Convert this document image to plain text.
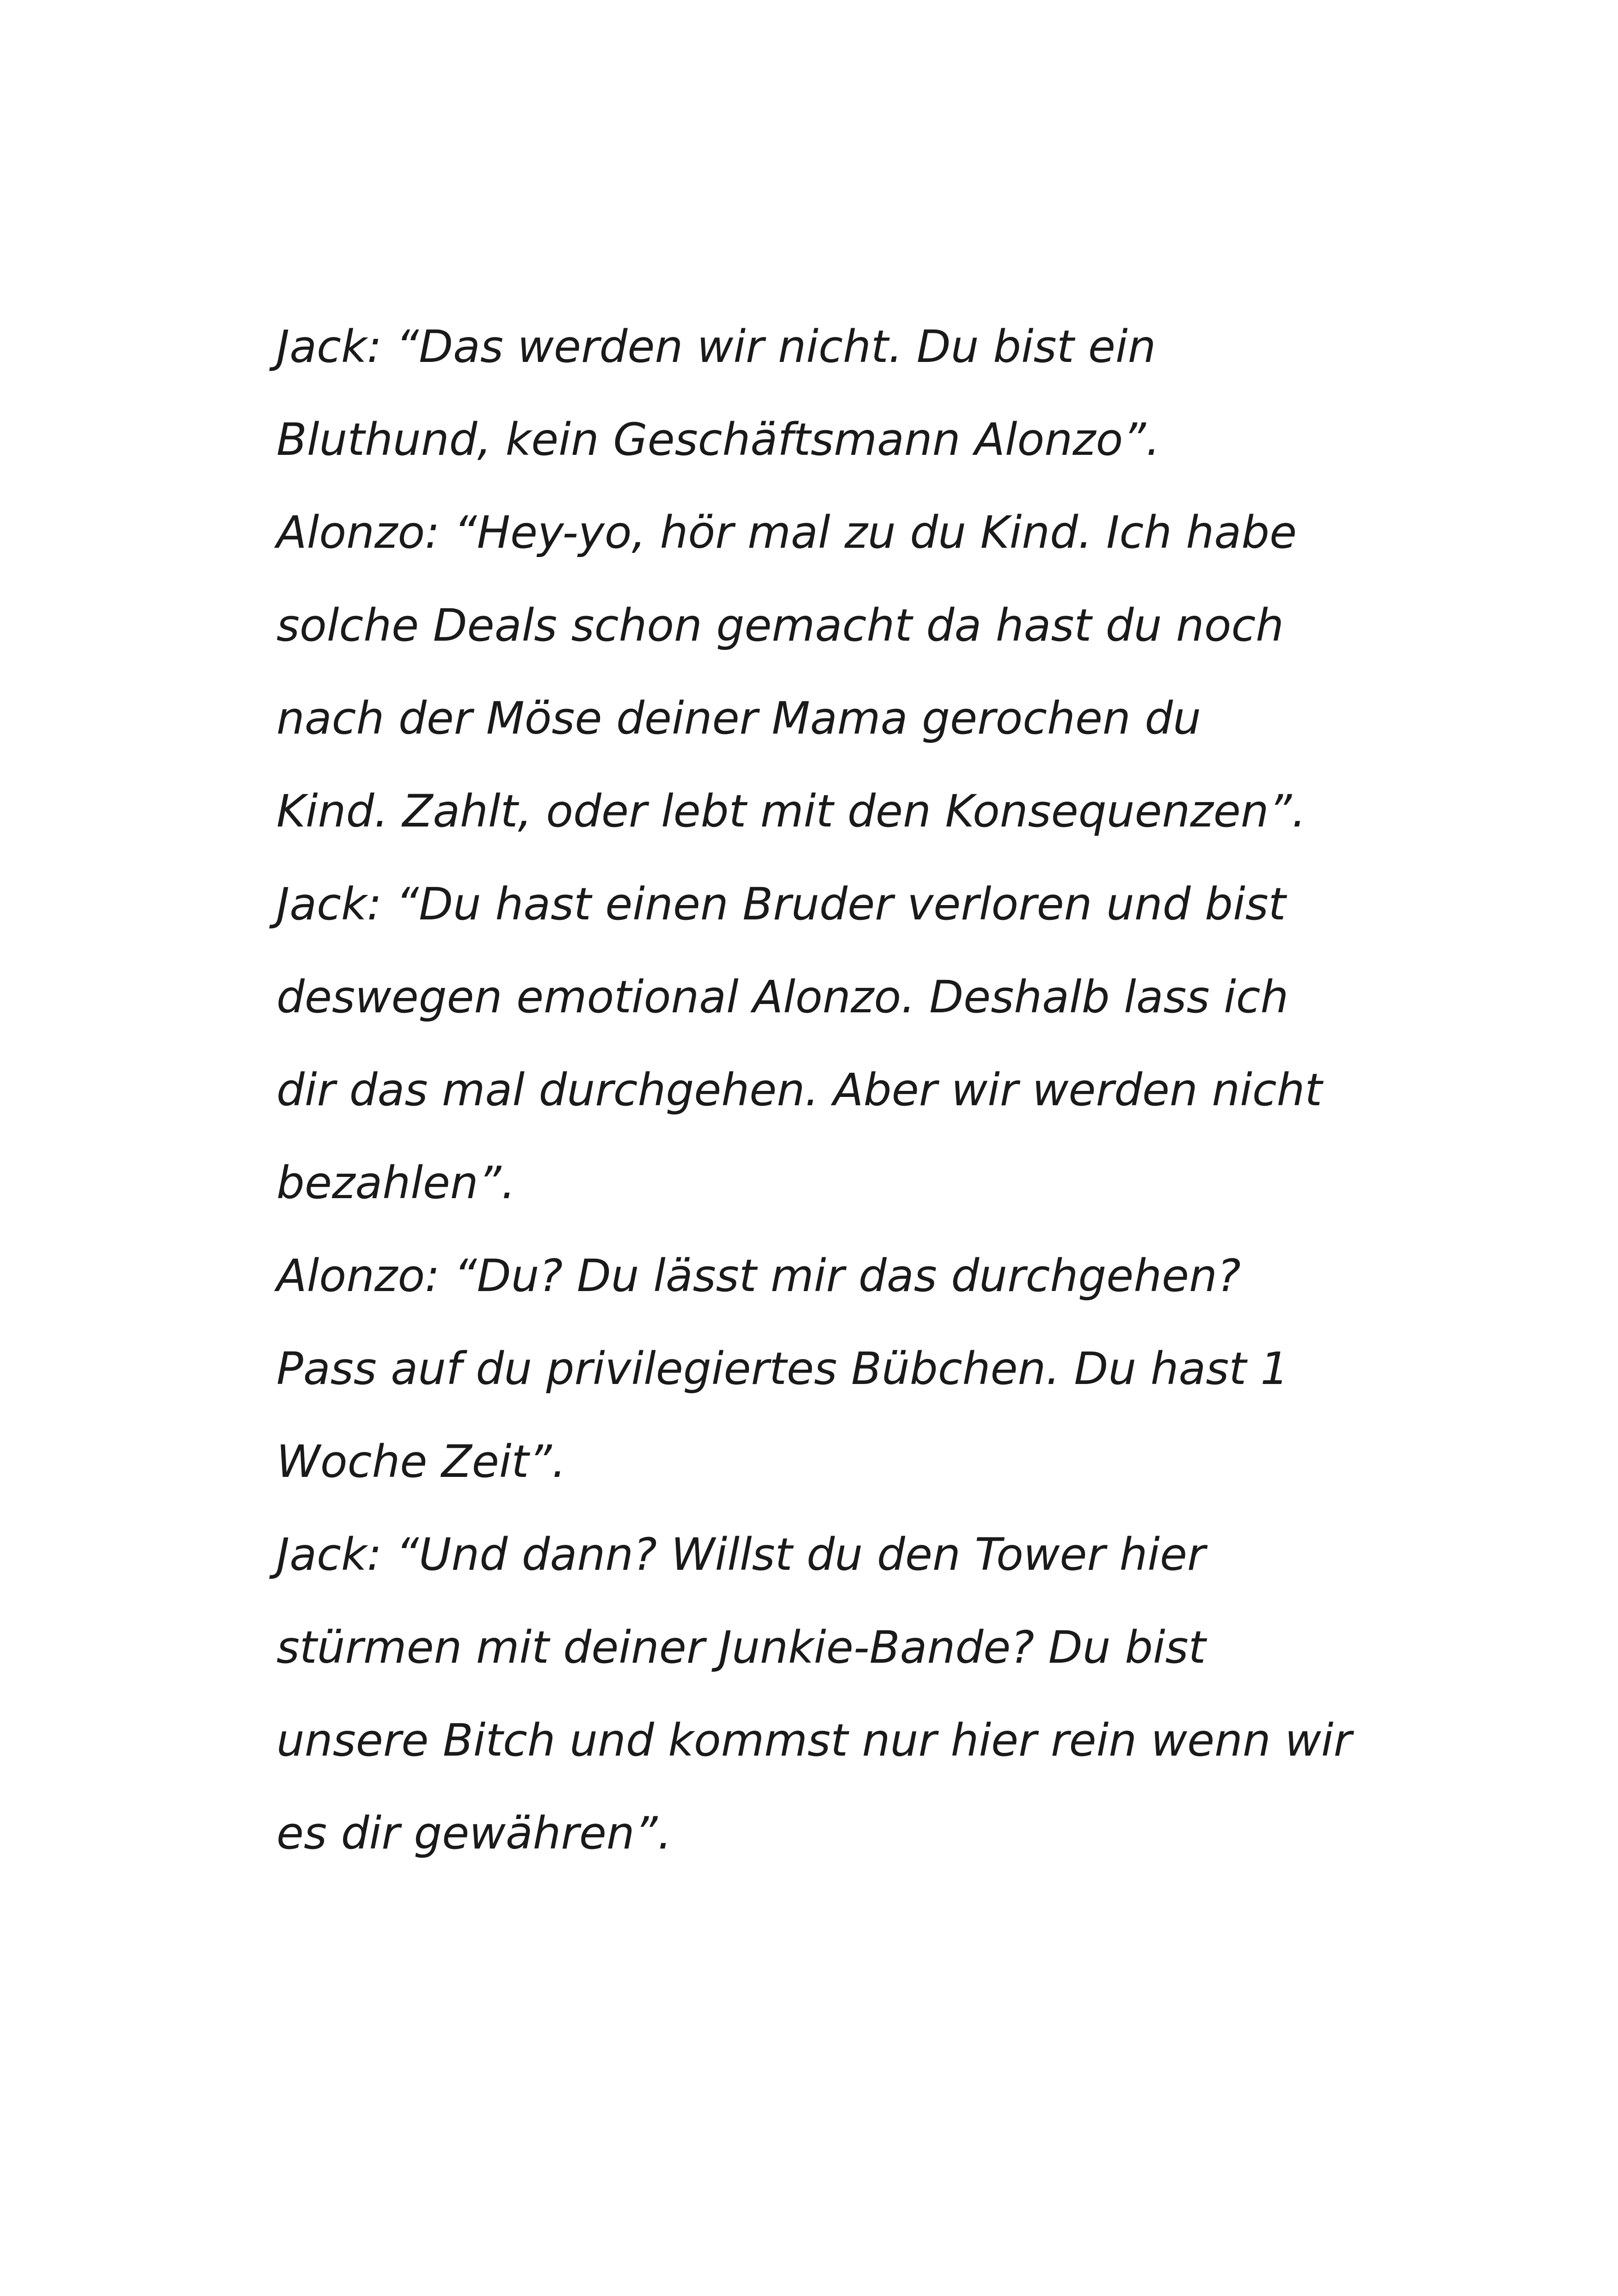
Jack: “Das werden wir nicht. Du bist ein
Bluthund, kein Geschäftsmann Alonzo”.
Alonzo: “Hey-yo, hör mal zu du Kind. Ich habe
solche Deals schon gemacht da hast du noch
nach der Möse deiner Mama gerochen du
Kind. Zahlt, oder lebt mit den Konsequenzen”.
Jack: “Du hast einen Bruder verloren und bist
deswegen emotional Alonzo. Deshalb lass ich
dir das mal durchgehen. Aber wir werden nicht
bezahlen”.
Alonzo: “Du? Du lässt mir das durchgehen?
Pass auf du privilegiertes Bübchen. Du hast 1
Woche Zeit”.
Jack: “Und dann? Willst du den Tower hier
stürmen mit deiner Junkie-Bande? Du bist
unsere Bitch und kommst nur hier rein wenn wir
es dir gewähren”.
